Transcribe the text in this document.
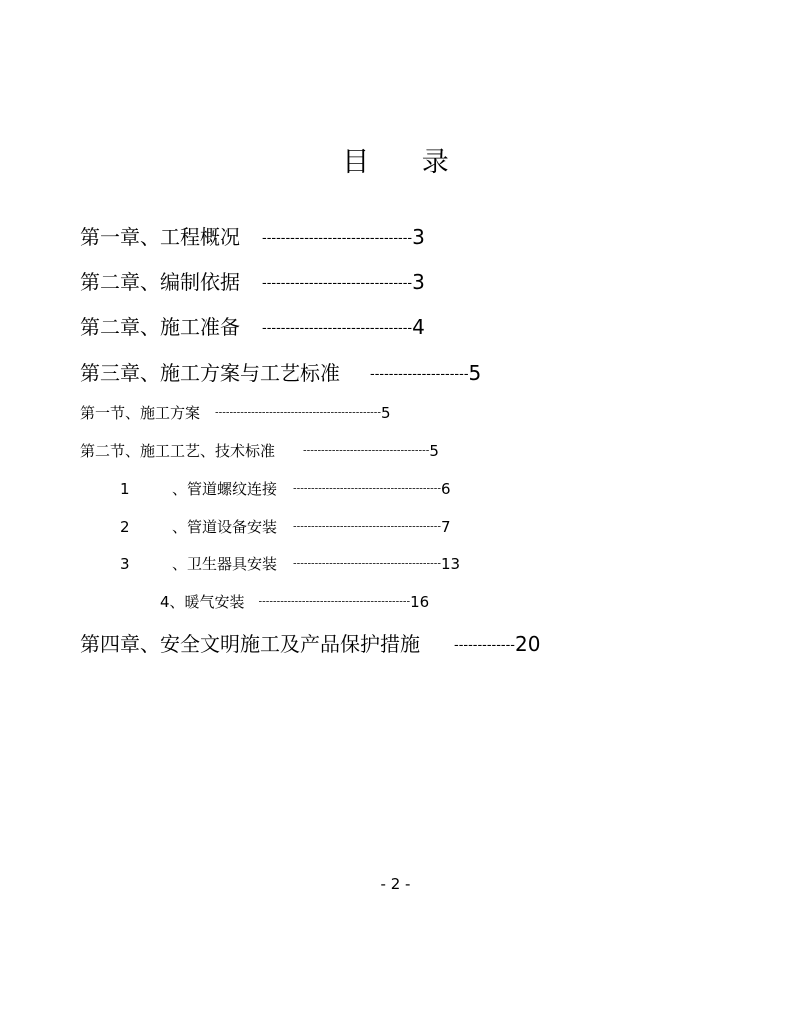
目 录
第一章、工程概况 --------------------------------3
第二章、编制依据 --------------------------------3
第二章、施工准备 --------------------------------4
第三章、施工方案与工艺标准 ---------------------5
第一节、施工方案 ----------------------------------------------5
第二节、施工工艺、技术标准	-----------------------------------5
1	、管道螺纹连接 -----------------------------------------6
2	、管道设备安装 -----------------------------------------7
3	、卫生器具安装 -----------------------------------------13
4、暖气安装 ------------------------------------------16
第四章、安全文明施工及产品保护措施	-------------20
- 2 -
